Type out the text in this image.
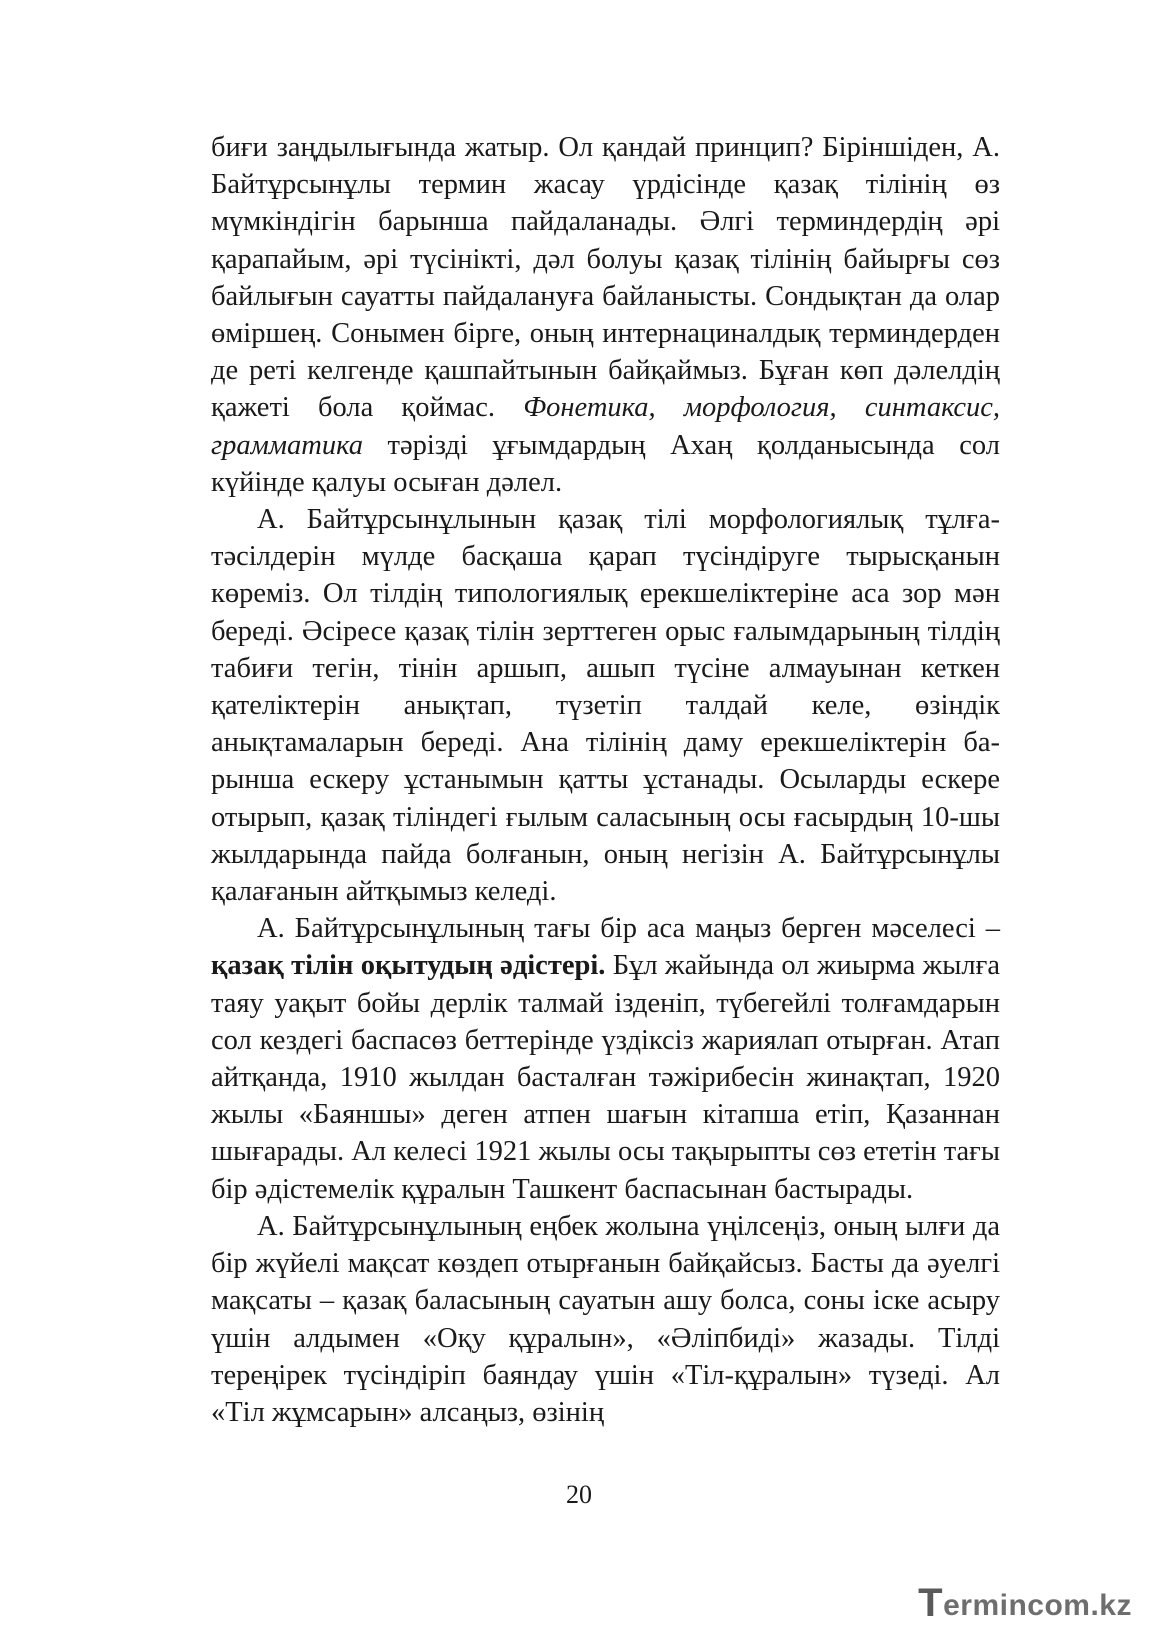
биғи заңдылығында жатыр. Ол қандай принцип? Біріншіден, А. Байтұрсынұлы термин жасау үрдісінде қазақ тілінің өз мүмкіндігін барынша пайдаланады. Әлгі терминдердің әрі қарапайым, әрі түсінікті, дәл болуы қазақ тілінің байырғы сөз байлығын сауатты пайдалануға байланысты. Сондықтан да олар өміршең. Сонымен бірге, оның интернациналдық терминдерден де реті келгенде қашпайтынын байқаймыз. Бұған көп дәлелдің қажеті бола қоймас. Фонетика, морфология, синтаксис, грамматика тәрізді ұғымдардың Ахаң қолданысында сол күйінде қалуы осыған дәлел.

А. Байтұрсынұлынын қазақ тілі морфологиялық тұлғатәсілдерін мүлде басқаша қарап түсіндіруге тырысқанын көреміз. Ол тілдің типологиялық ерекшеліктеріне аса зор мән береді. Әсіресе қазақ тілін зерттеген орыс ғалымдарының тілдің табиғи тегін, тінін аршып, ашып түсіне алмауынан кеткен қателіктерін анықтап, түзетіп талдай келе, өзіндік анықтамаларын береді. Ана тілінің даму ерекшеліктерін барынша ескеру ұстанымын қатты ұстанады. Осыларды ескере отырып, қазақ тіліндегі ғылым саласының осы ғасырдың 10-шы жылдарында пайда болғанын, оның негізін А. Байтұрсынұлы қалағанын айтқымыз келеді.

А. Байтұрсынұлының тағы бір аса маңыз берген мәселесі – қазақ тілін оқытудың әдістері. Бұл жайында ол жиырма жылға таяу уақыт бойы дерлік талмай ізденіп, түбегейлі толғамдарын сол кездегі баспасөз беттерінде үздіксіз жариялап отырған. Атап айтқанда, 1910 жылдан басталған тәжірибесін жинақтап, 1920 жылы «Баяншы» деген атпен шағын кітапша етіп, Қазаннан шығарады. Ал келесі 1921 жылы осы тақырыпты сөз ететін тағы бір әдістемелік құралын Ташкент баспасынан бастырады.

А. Байтұрсынұлының еңбек жолына үңілсеңіз, оның ылғи да бір жүйелі мақсат көздеп отырғанын байқайсыз. Басты да әуелгі мақсаты – қазақ баласының сауатын ашу болса, соны іске асыру үшін алдымен «Оқу құралын», «Әліпбиді» жазады. Тілді тереңірек түсіндіріп баяндау үшін «Тіл-құралын» түзеді. Ал «Тіл жұмсарын» алсаңыз, өзінің

20
T ermincom.kz
